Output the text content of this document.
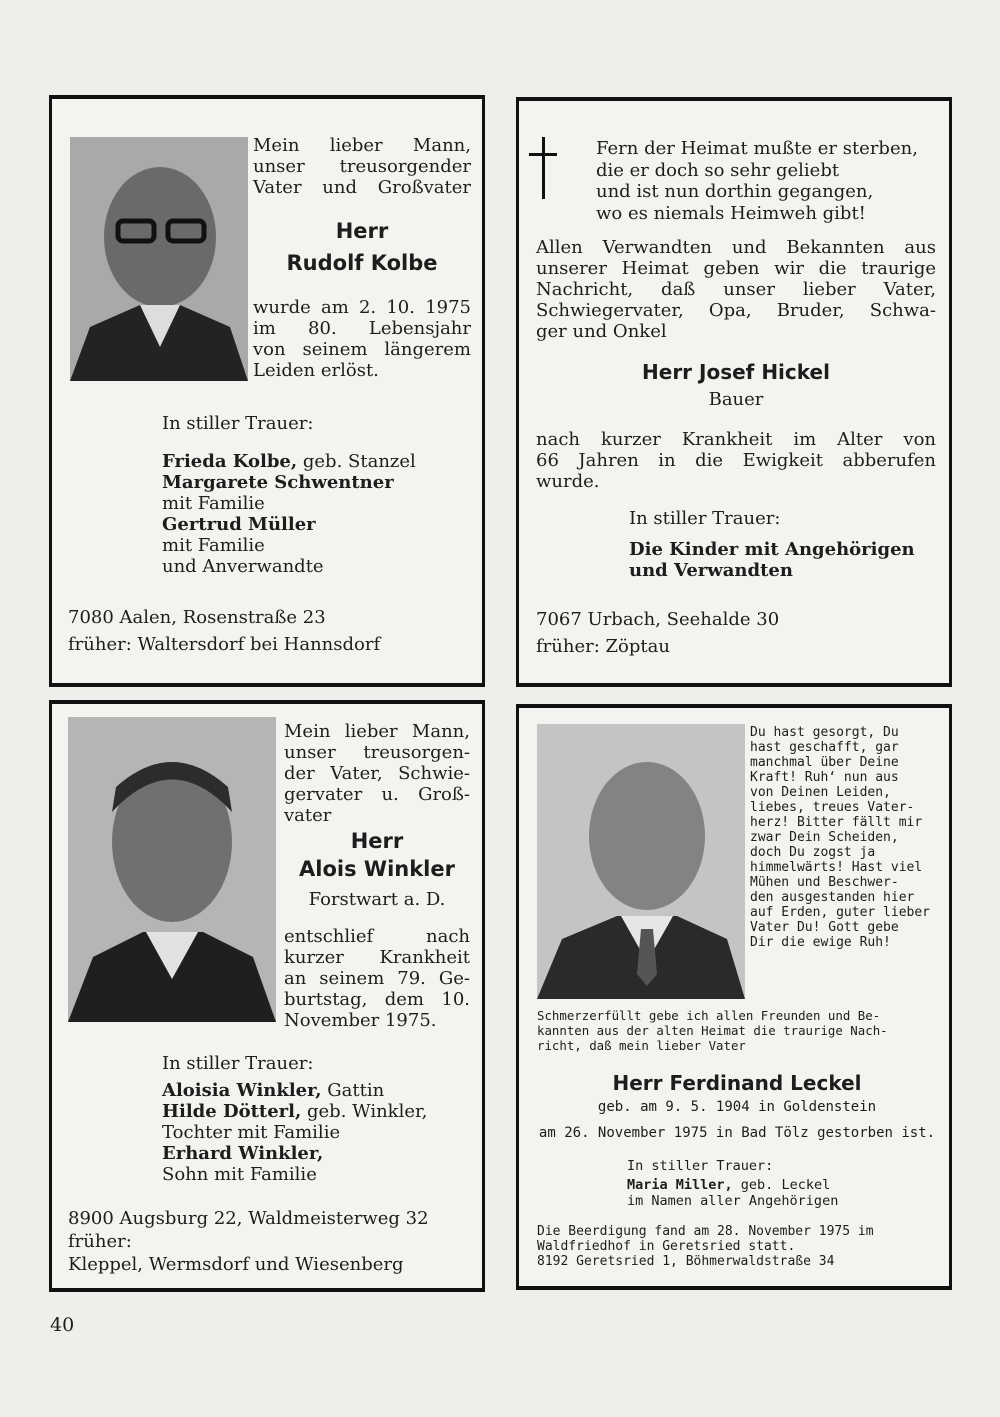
Mein lieber Mann,
unser treusorgender
Vater und Großvater
Herr
Rudolf Kolbe
wurde am 2. 10. 1975
im 80. Lebensjahr
von seinem längerem
Leiden erlöst.
In stiller Trauer:
Frieda Kolbe, geb. Stanzel
Margarete Schwentner
mit Familie
Gertrud Müller
mit Familie
und Anverwandte
7080 Aalen, Rosenstraße 23
früher: Waltersdorf bei Hannsdorf
Fern der Heimat mußte er sterben,
die er doch so sehr geliebt
und ist nun dorthin gegangen,
wo es niemals Heimweh gibt!
Allen Verwandten und Bekannten aus
unserer Heimat geben wir die traurige
Nachricht, daß unser lieber Vater,
Schwiegervater, Opa, Bruder, Schwa-
ger und Onkel
Herr Josef Hickel
Bauer
nach kurzer Krankheit im Alter von
66 Jahren in die Ewigkeit abberufen
wurde.
In stiller Trauer:
Die Kinder mit Angehörigen
und Verwandten
7067 Urbach, Seehalde 30
früher: Zöptau
Mein lieber Mann,
unser treusorgen-
der Vater, Schwie-
gervater u. Groß-
vater
Herr
Alois Winkler
Forstwart a. D.
entschlief nach
kurzer Krankheit
an seinem 79. Ge-
burtstag, dem 10.
November 1975.
In stiller Trauer:
Aloisia Winkler, Gattin
Hilde Dötterl, geb. Winkler,
Tochter mit Familie
Erhard Winkler,
Sohn mit Familie
8900 Augsburg 22, Waldmeisterweg 32
früher:
Kleppel, Wermsdorf und Wiesenberg
Du hast gesorgt, Du
hast geschafft, gar
manchmal über Deine
Kraft! Ruh‘ nun aus
von Deinen Leiden,
liebes, treues Vater-
herz! Bitter fällt mir
zwar Dein Scheiden,
doch Du zogst ja
himmelwärts! Hast viel
Mühen und Beschwer-
den ausgestanden hier
auf Erden, guter lieber
Vater Du! Gott gebe
Dir die ewige Ruh!
Schmerzerfüllt gebe ich allen Freunden und Be-
kannten aus der alten Heimat die traurige Nach-
richt, daß mein lieber Vater
Herr Ferdinand Leckel
geb. am 9. 5. 1904 in Goldenstein
am 26. November 1975 in Bad Tölz gestorben ist.
In stiller Trauer:
Maria Miller, geb. Leckel
im Namen aller Angehörigen
Die Beerdigung fand am 28. November 1975 im
Waldfriedhof in Geretsried statt.
8192 Geretsried 1, Böhmerwaldstraße 34
40
